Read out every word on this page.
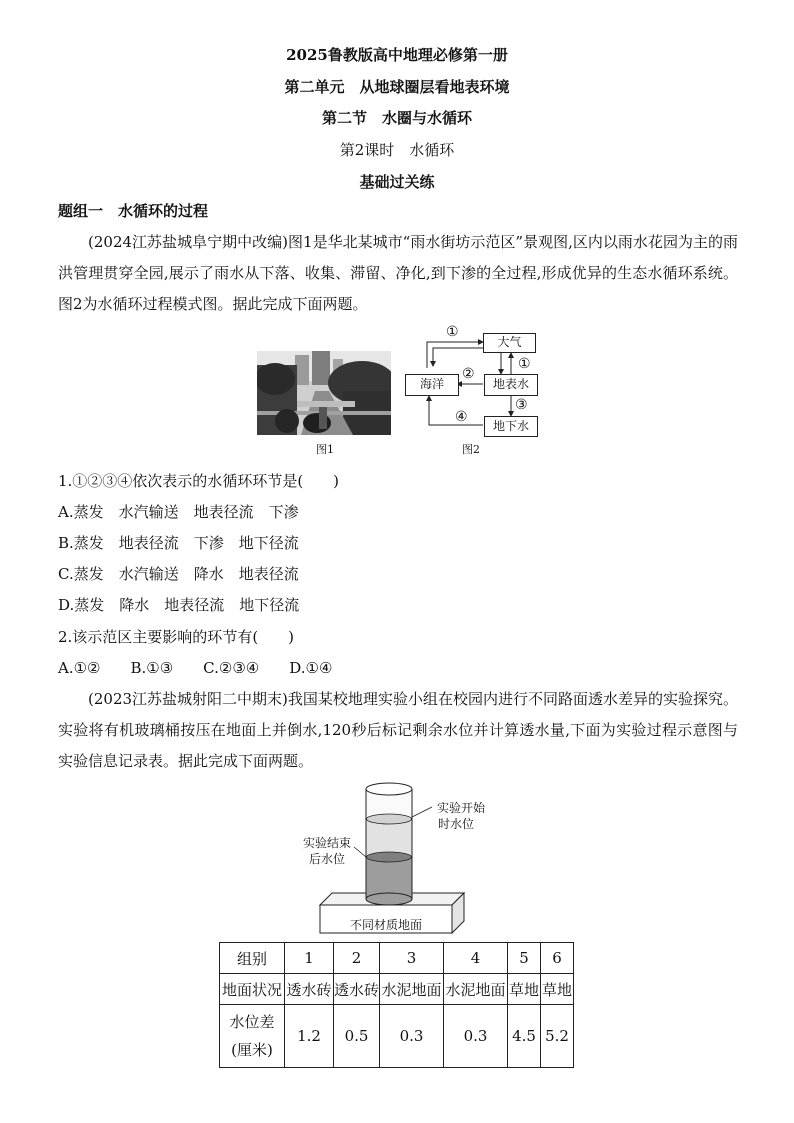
2025鲁教版高中地理必修第一册
第二单元　从地球圈层看地表环境
第二节　水圈与水循环
第2课时　水循环
基础过关练
题组一　水循环的过程

(2024江苏盐城阜宁期中改编)图1是华北某城市“雨水街坊示范区”景观图,区内以雨水花园为主的雨洪管理贯穿全园,展示了雨水从下落、收集、滞留、净化,到下渗的全过程,形成优异的生态水循环系统。图2为水循环过程模式图。据此完成下面两题。

图1
大气
海洋	地表水
地下水
①
①
②
③
④
图2
1.①②③④依次表示的水循环环节是(　　)
A.蒸发　水汽输送　地表径流　下渗
B.蒸发　地表径流　下渗　地下径流
C.蒸发　水汽输送　降水　地表径流
D.蒸发　降水　地表径流　地下径流
2.该示范区主要影响的环节有(　　)
A.①②　　B.①③　　C.②③④　　D.①④

(2023江苏盐城射阳二中期末)我国某校地理实验小组在校园内进行不同路面透水差异的实验探究。实验将有机玻璃桶按压在地面上并倒水,120秒后标记剩余水位并计算透水量,下面为实验过程示意图与实验信息记录表。据此完成下面两题。

实验开始
时水位
实验结束
后水位
不同材质地面
组别	1	2	3	4	5	6
地面状况	透水砖	透水砖	水泥地面	水泥地面	草地	草地

水位差
(厘米)	1.2	0.5	0.3	0.3	4.5	5.2
